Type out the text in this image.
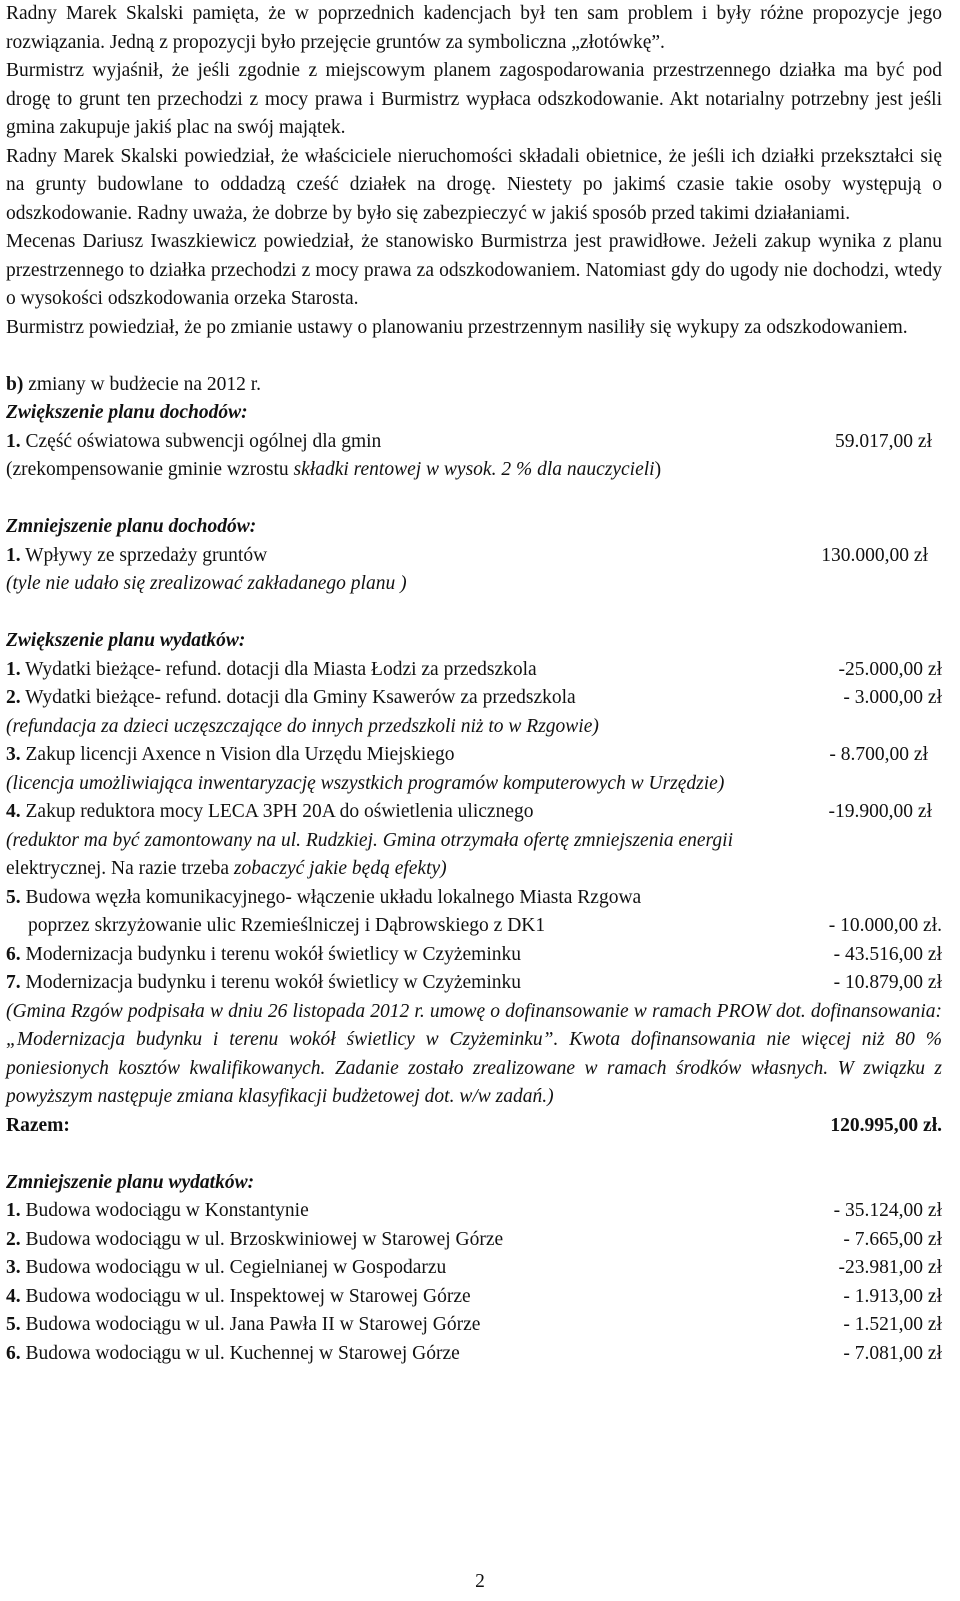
Radny Marek Skalski pamięta, że w poprzednich kadencjach był ten sam problem i były różne propozycje jego rozwiązania. Jedną z propozycji było przejęcie gruntów za symboliczna „złotówkę”.

Burmistrz wyjaśnił, że jeśli zgodnie z miejscowym planem zagospodarowania przestrzennego działka ma być pod drogę to grunt ten przechodzi z mocy prawa i Burmistrz wypłaca odszkodowanie. Akt notarialny potrzebny jest jeśli gmina zakupuje jakiś plac na swój majątek.

Radny Marek Skalski powiedział, że właściciele nieruchomości składali obietnice, że jeśli ich działki przekształci się na grunty budowlane to oddadzą cześć działek na drogę. Niestety po jakimś czasie takie osoby występują o odszkodowanie. Radny uważa, że dobrze by było się zabezpieczyć w jakiś sposób przed takimi działaniami.

Mecenas Dariusz Iwaszkiewicz powiedział, że stanowisko Burmistrza jest prawidłowe. Jeżeli zakup wynika z planu przestrzennego to działka przechodzi z mocy prawa za odszkodowaniem. Natomiast gdy do ugody nie dochodzi, wtedy o wysokości odszkodowania orzeka Starosta.

Burmistrz powiedział, że po zmianie ustawy o planowaniu przestrzennym nasiliły się wykupy za odszkodowaniem.

b) zmiany w budżecie na 2012 r.

Zwiększenie planu dochodów:

1. Część oświatowa subwencji ogólnej dla gmin	59.017,00 zł

(zrekompensowanie gminie wzrostu składki rentowej w wysok. 2 % dla nauczycieli)

Zmniejszenie planu dochodów:

1. Wpływy ze sprzedaży gruntów	130.000,00 zł

(tyle nie udało się zrealizować zakładanego planu )

Zwiększenie planu wydatków:

1. Wydatki bieżące- refund. dotacji dla Miasta Łodzi za przedszkola	-25.000,00 zł
2. Wydatki bieżące- refund. dotacji dla Gminy Ksawerów za przedszkola	- 3.000,00 zł

(refundacja za dzieci uczęszczające do innych przedszkoli niż to w Rzgowie)

3. Zakup licencji Axence n Vision dla Urzędu Miejskiego	- 8.700,00 zł

(licencja umożliwiająca inwentaryzację wszystkich programów komputerowych w Urzędzie)

4. Zakup reduktora mocy LECA 3PH 20A do oświetlenia ulicznego	-19.900,00 zł

(reduktor ma być zamontowany na ul. Rudzkiej. Gmina otrzymała ofertę zmniejszenia energii

elektrycznej. Na razie trzeba zobaczyć jakie będą efekty)

5. Budowa węzła komunikacyjnego- włączenie układu lokalnego Miasta Rzgowa

poprzez skrzyżowanie ulic Rzemieślniczej i Dąbrowskiego z DK1	- 10.000,00 zł.
6. Modernizacja budynku i terenu wokół świetlicy w Czyżeminku	- 43.516,00 zł
7. Modernizacja budynku i terenu wokół świetlicy w Czyżeminku	- 10.879,00 zł

(Gmina Rzgów podpisała w dniu 26 listopada 2012 r. umowę o dofinansowanie w ramach PROW dot. dofinansowania: „Modernizacja budynku i terenu wokół świetlicy w Czyżeminku”. Kwota dofinansowania nie więcej niż 80 % poniesionych kosztów kwalifikowanych. Zadanie zostało zrealizowane w ramach środków własnych. W związku z powyższym następuje zmiana klasyfikacji budżetowej dot. w/w zadań.)

Razem:	120.995,00 zł.

Zmniejszenie planu wydatków:

1. Budowa wodociągu w Konstantynie	- 35.124,00 zł
2. Budowa wodociągu w ul. Brzoskwiniowej w Starowej Górze	- 7.665,00 zł
3. Budowa wodociągu w ul. Cegielnianej w Gospodarzu	-23.981,00 zł
4. Budowa wodociągu w ul. Inspektowej w Starowej Górze	- 1.913,00 zł
5. Budowa wodociągu w ul. Jana Pawła II w Starowej Górze	- 1.521,00 zł
6. Budowa wodociągu w ul. Kuchennej w Starowej Górze	- 7.081,00 zł
2
